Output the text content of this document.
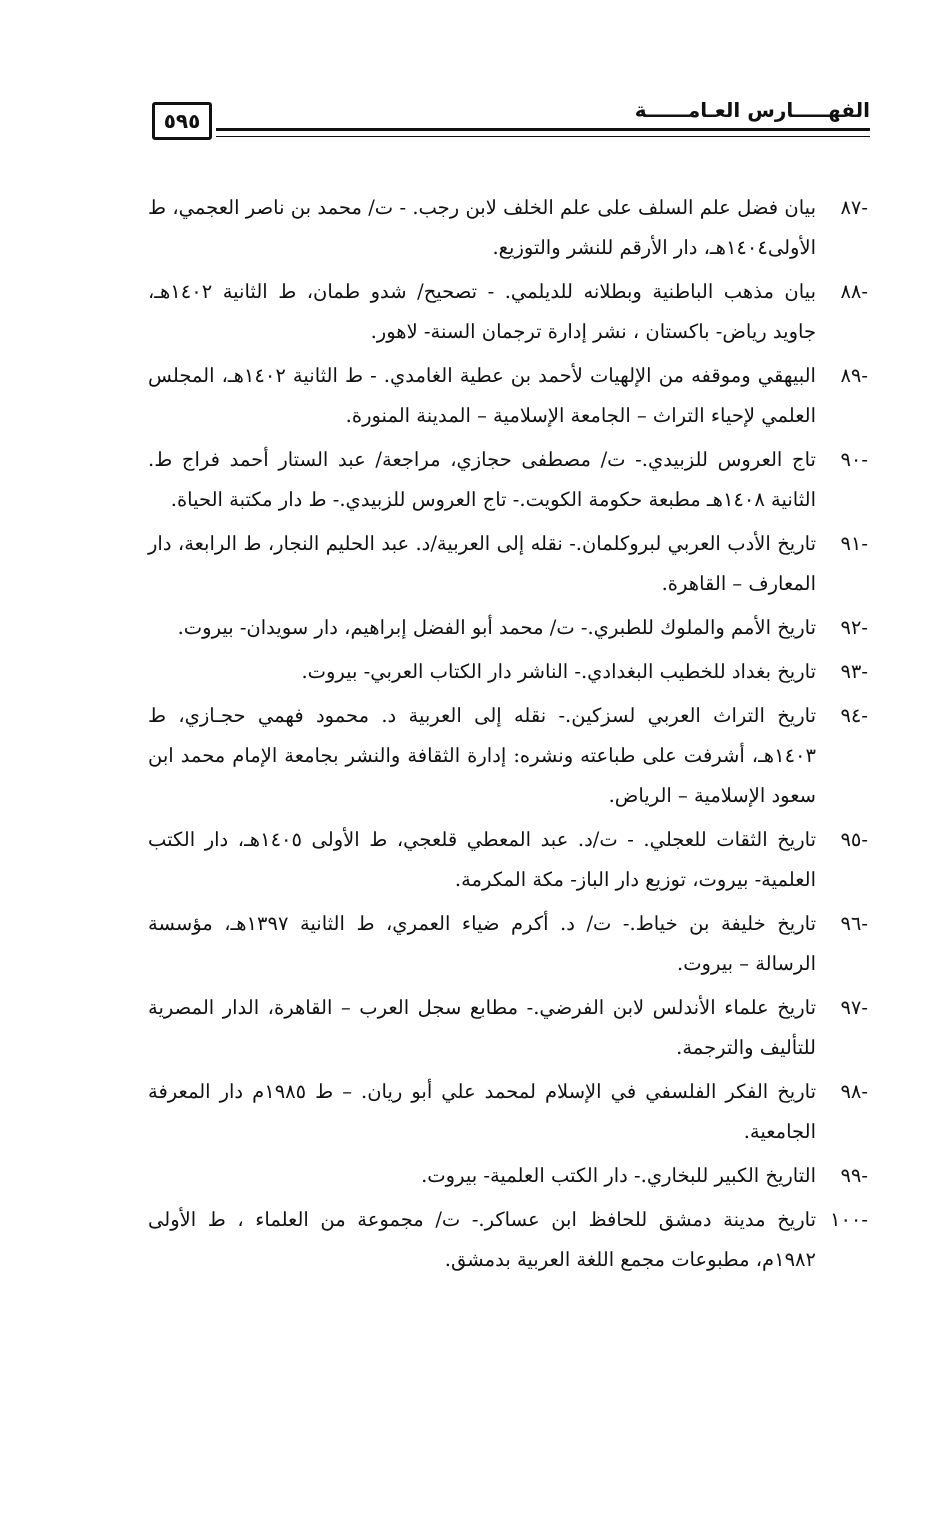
الفهـــــارس العـامــــــة
٥٩٥
-٨٧
بيان فضل علم السلف على علم الخلف لابن رجب. - ت/ محمد بن ناصر العجمي، ط الأولى١٤٠٤هـ، دار الأرقم للنشر والتوزيع.
-٨٨
بيان مذهب الباطنية وبطلانه للديلمي. - تصحيح/ شدو طمان، ط الثانية ١٤٠٢هـ، جاويد رياض- باكستان ، نشر إدارة ترجمان السنة- لاهور.
-٨٩
البيهقي وموقفه من الإلهيات لأحمد بن عطية الغامدي. - ط الثانية ١٤٠٢هـ، المجلس العلمي لإحياء التراث – الجامعة الإسلامية – المدينة المنورة.
-٩٠
تاج العروس للزبيدي.- ت/ مصطفى حجازي، مراجعة/ عبد الستار أحمد فراج ط. الثانية ١٤٠٨هـ مطبعة حكومة الكويت.- تاج العروس للزبيدي.- ط دار مكتبة الحياة.
-٩١
تاريخ الأدب العربي لبروكلمان.- نقله إلى العربية/د. عبد الحليم النجار، ط الرابعة، دار المعارف – القاهرة.
-٩٢
تاريخ الأمم والملوك للطبري.- ت/ محمد أبو الفضل إبراهيم، دار سويدان- بيروت.
-٩٣
تاريخ بغداد للخطيب البغدادي.- الناشر دار الكتاب العربي- بيروت.
-٩٤
تاريخ التراث العربي لسزكين.- نقله إلى العربية د. محمود فهمي حجـازي، ط ١٤٠٣هـ، أشرفت على طباعته ونشره: إدارة الثقافة والنشر بجامعة الإمام محمد ابن سعود الإسلامية – الرياض.
-٩٥
تاريخ الثقات للعجلي. - ت/د. عبد المعطي قلعجي، ط الأولى ١٤٠٥هـ، دار الكتب العلمية- بيروت، توزيع دار الباز- مكة المكرمة.
-٩٦
تاريخ خليفة بن خياط.- ت/ د. أكرم ضياء العمري، ط الثانية ١٣٩٧هـ، مؤسسة الرسالة – بيروت.
-٩٧
تاريخ علماء الأندلس لابن الفرضي.- مطابع سجل العرب – القاهرة، الدار المصرية للتأليف والترجمة.
-٩٨
تاريخ الفكر الفلسفي في الإسلام لمحمد علي أبو ريان. – ط ١٩٨٥م دار المعرفة الجامعية.
-٩٩
التاريخ الكبير للبخاري.- دار الكتب العلمية- بيروت.
-١٠٠
تاريخ مدينة دمشق للحافظ ابن عساكر.- ت/ مجموعة من العلماء ، ط الأولى ١٩٨٢م، مطبوعات مجمع اللغة العربية بدمشق.
